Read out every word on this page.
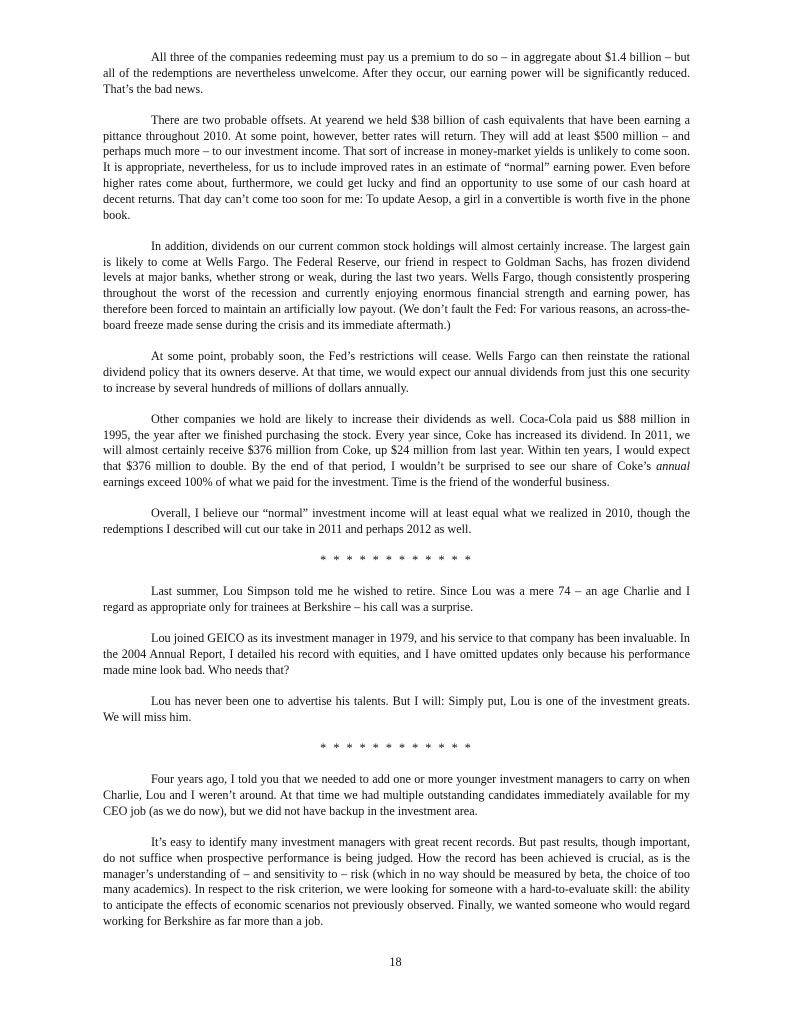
All three of the companies redeeming must pay us a premium to do so – in aggregate about $1.4 billion – but all of the redemptions are nevertheless unwelcome. After they occur, our earning power will be significantly reduced. That’s the bad news.

There are two probable offsets. At yearend we held $38 billion of cash equivalents that have been earning a pittance throughout 2010. At some point, however, better rates will return. They will add at least $500 million – and perhaps much more – to our investment income. That sort of increase in money-market yields is unlikely to come soon. It is appropriate, nevertheless, for us to include improved rates in an estimate of “normal” earning power. Even before higher rates come about, furthermore, we could get lucky and find an opportunity to use some of our cash hoard at decent returns. That day can’t come too soon for me: To update Aesop, a girl in a convertible is worth five in the phone book.

In addition, dividends on our current common stock holdings will almost certainly increase. The largest gain is likely to come at Wells Fargo. The Federal Reserve, our friend in respect to Goldman Sachs, has frozen dividend levels at major banks, whether strong or weak, during the last two years. Wells Fargo, though consistently prospering throughout the worst of the recession and currently enjoying enormous financial strength and earning power, has therefore been forced to maintain an artificially low payout. (We don’t fault the Fed: For various reasons, an across-the-board freeze made sense during the crisis and its immediate aftermath.)

At some point, probably soon, the Fed’s restrictions will cease. Wells Fargo can then reinstate the rational dividend policy that its owners deserve. At that time, we would expect our annual dividends from just this one security to increase by several hundreds of millions of dollars annually.

Other companies we hold are likely to increase their dividends as well. Coca-Cola paid us $88 million in 1995, the year after we finished purchasing the stock. Every year since, Coke has increased its dividend. In 2011, we will almost certainly receive $376 million from Coke, up $24 million from last year. Within ten years, I would expect that $376 million to double. By the end of that period, I wouldn’t be surprised to see our share of Coke’s annual earnings exceed 100% of what we paid for the investment. Time is the friend of the wonderful business.

Overall, I believe our “normal” investment income will at least equal what we realized in 2010, though the redemptions I described will cut our take in 2011 and perhaps 2012 as well.

* * * * * * * * * * * *

Last summer, Lou Simpson told me he wished to retire. Since Lou was a mere 74 – an age Charlie and I regard as appropriate only for trainees at Berkshire – his call was a surprise.

Lou joined GEICO as its investment manager in 1979, and his service to that company has been invaluable. In the 2004 Annual Report, I detailed his record with equities, and I have omitted updates only because his performance made mine look bad. Who needs that?

Lou has never been one to advertise his talents. But I will: Simply put, Lou is one of the investment greats. We will miss him.

* * * * * * * * * * * *

Four years ago, I told you that we needed to add one or more younger investment managers to carry on when Charlie, Lou and I weren’t around. At that time we had multiple outstanding candidates immediately available for my CEO job (as we do now), but we did not have backup in the investment area.

It’s easy to identify many investment managers with great recent records. But past results, though important, do not suffice when prospective performance is being judged. How the record has been achieved is crucial, as is the manager’s understanding of – and sensitivity to – risk (which in no way should be measured by beta, the choice of too many academics). In respect to the risk criterion, we were looking for someone with a hard-to-evaluate skill: the ability to anticipate the effects of economic scenarios not previously observed. Finally, we wanted someone who would regard working for Berkshire as far more than a job.

18
